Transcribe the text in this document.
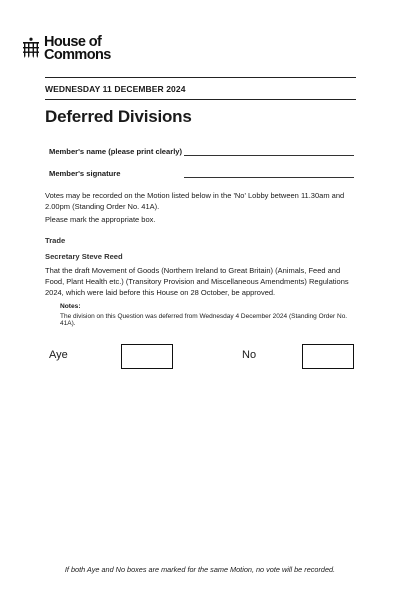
House of
Commons
WEDNESDAY 11 DECEMBER 2024
Deferred Divisions
Member's name (please print clearly)
Member's signature
Votes may be recorded on the Motion listed below in the 'No' Lobby between 11.30am and 2.00pm (Standing Order No. 41A).
Please mark the appropriate box.
Trade
Secretary Steve Reed
That the draft Movement of Goods (Northern Ireland to Great Britain) (Animals, Feed and Food, Plant Health etc.) (Transitory Provision and Miscellaneous Amendments) Regulations 2024, which were laid before this House on 28 October, be approved.
Notes:
The division on this Question was deferred from Wednesday 4 December 2024 (Standing Order No. 41A).
Aye	No
If both Aye and No boxes are marked for the same Motion, no vote will be recorded.
